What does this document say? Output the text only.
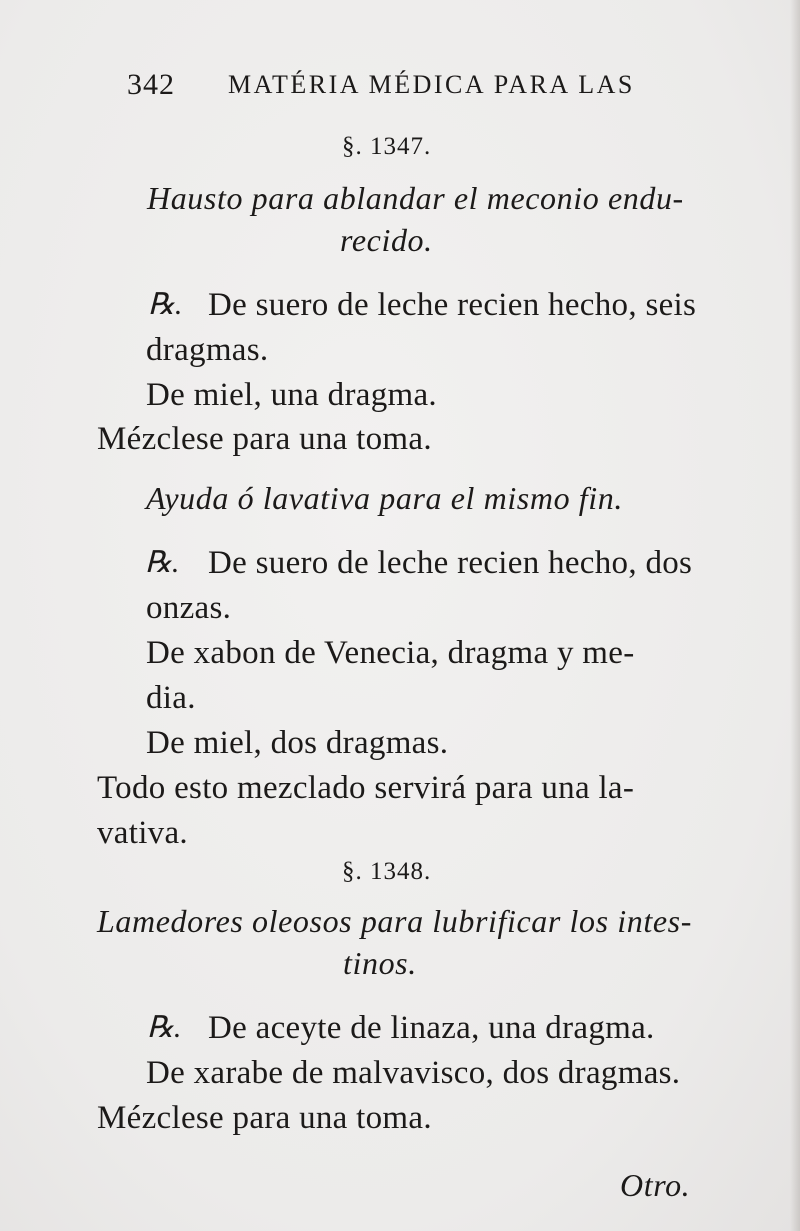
342 MATÉRIA MÉDICA PARA LAS
§. 1347.
Hausto para ablandar el meconio endu-
recido.
℞. De suero de leche recien hecho, seis
dragmas.
De miel, una dragma.
Mézclese para una toma.
Ayuda ó lavativa para el mismo fin.
℞. De suero de leche recien hecho, dos
onzas.
De xabon de Venecia, dragma y me-
dia.
De miel, dos dragmas.
Todo esto mezclado servirá para una la-
vativa.
§. 1348.
Lamedores oleosos para lubrificar los intes-
tinos.
℞. De aceyte de linaza, una dragma.
De xarabe de malvavisco, dos dragmas.
Mézclese para una toma.
Otro.
